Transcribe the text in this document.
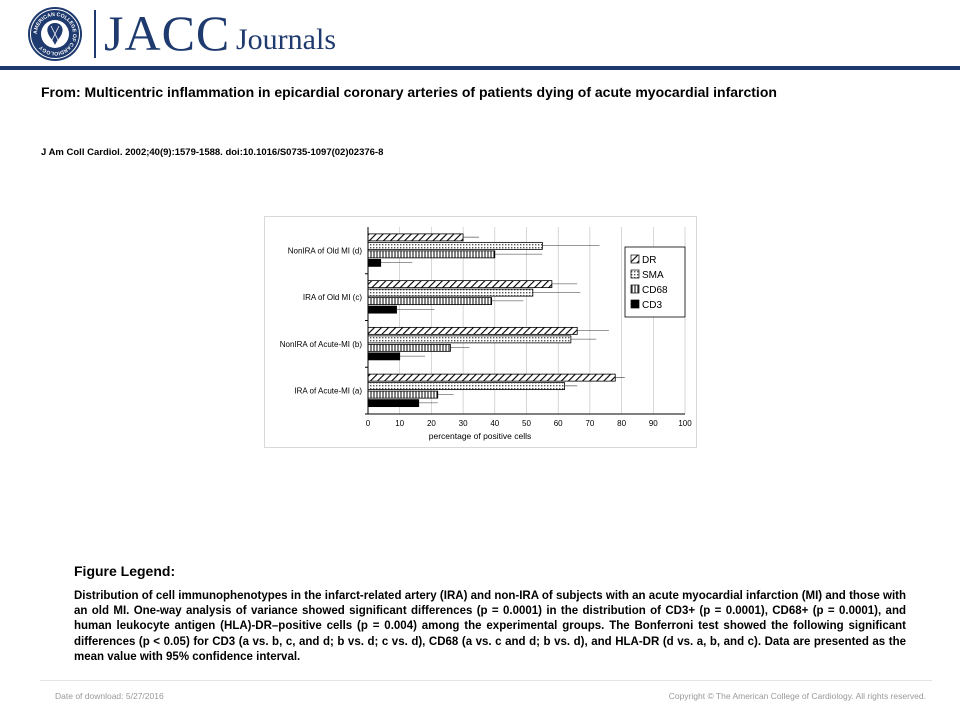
AMERICAN COLLEGE OF CARDIOLOGY	JACC Journals
From: Multicentric inflammation in epicardial coronary arteries of patients dying of acute myocardial infarction
J Am Coll Cardiol. 2002;40(9):1579-1588. doi:10.1016/S0735-1097(02)02376-8
NonIRA of Old MI (d)
IRA of Old MI (c)
NonIRA of Acute-MI (b)
IRA of Acute-MI (a)
0	10	20	30	40	50	60	70	80	90	100
percentage of positive cells
DR
SMA
CD68
CD3
Figure Legend:
Distribution of cell immunophenotypes in the infarct-related artery (IRA) and non-IRA of subjects with an acute myocardial infarction (MI) and those with an old MI. One-way analysis of variance showed significant differences (p = 0.0001) in the distribution of CD3+ (p = 0.0001), CD68+ (p = 0.0001), and human leukocyte antigen (HLA)-DR–positive cells (p = 0.004) among the experimental groups. The Bonferroni test showed the following significant differences (p < 0.05) for CD3 (a vs. b, c, and d; b vs. d; c vs. d), CD68 (a vs. c and d; b vs. d), and HLA-DR (d vs. a, b, and c). Data are presented as the mean value with 95% confidence interval.
Date of download: 5/27/2016	Copyright © The American College of Cardiology. All rights reserved.
